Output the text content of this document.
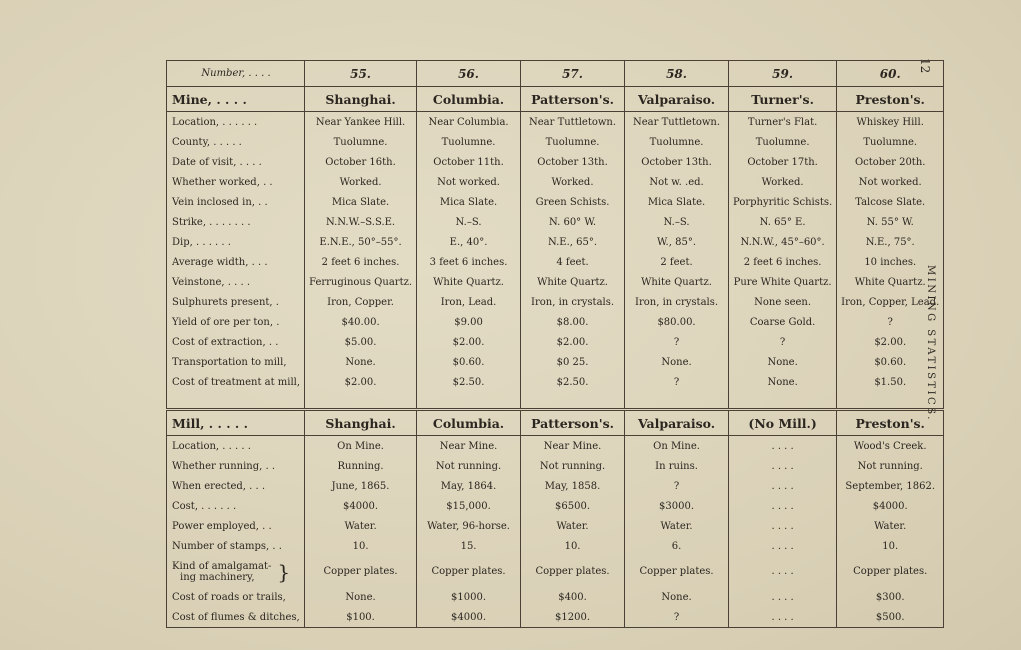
12
MINING STATISTICS.
Number, . . . .	55.	56.	57.	58.	59.	60.
Mine, . . . .	Shanghai.	Columbia.	Patterson's.	Valparaiso.	Turner's.	Preston's.
Location, . . . . . .	Near Yankee Hill.	Near Columbia.	Near Tuttletown.	Near Tuttletown.	Turner's Flat.	Whiskey Hill.
County, . . . . .	Tuolumne.	Tuolumne.	Tuolumne.	Tuolumne.	Tuolumne.	Tuolumne.
Date of visit, . . . .	October 16th.	October 11th.	October 13th.	October 13th.	October 17th.	October 20th.
Whether worked, . .	Worked.	Not worked.	Worked.	Not w. .ed.	Worked.	Not worked.
Vein inclosed in, . .	Mica Slate.	Mica Slate.	Green Schists.	Mica Slate.	Porphyritic Schists.	Talcose Slate.
Strike, . . . . . . .	N.N.W.–S.S.E.	N.–S.	N. 60° W.	N.–S.	N. 65° E.	N. 55° W.
Dip, . . . . . .	E.N.E., 50°–55°.	E., 40°.	N.E., 65°.	W., 85°.	N.N.W., 45°–60°.	N.E., 75°.
Average width, . . .	2 feet 6 inches.	3 feet 6 inches.	4 feet.	2 feet.	2 feet 6 inches.	10 inches.
Veinstone, . . . .	Ferruginous Quartz.	White Quartz.	White Quartz.	White Quartz.	Pure White Quartz.	White Quartz.
Sulphurets present, .	Iron, Copper.	Iron, Lead.	Iron, in crystals.	Iron, in crystals.	None seen.	Iron, Copper, Lead.
Yield of ore per ton, .	$40.00.	$9.00	$8.00.	$80.00.	Coarse Gold.	?
Cost of extraction, . .	$5.00.	$2.00.	$2.00.	?	?	$2.00.
Transportation to mill,	None.	$0.60.	$0 25.	None.	None.	$0.60.
Cost of treatment at mill,	$2.00.	$2.50.	$2.50.	?	None.	$1.50.

Mill, . . . . .	Shanghai.	Columbia.	Patterson's.	Valparaiso.	(No Mill.)	Preston's.
Location, . . . . .	On Mine.	Near Mine.	Near Mine.	On Mine.	. . . .	Wood's Creek.
Whether running, . .	Running.	Not running.	Not running.	In ruins.	. . . .	Not running.
When erected, . . .	June, 1865.	May, 1864.	May, 1858.	?	. . . .	September, 1862.
Cost, . . . . . .	$4000.	$15,000.	$6500.	$3000.	. . . .	$4000.
Power employed, . .	Water.	Water, 96-horse.	Water.	Water.	. . . .	Water.
Number of stamps, . .	10.	15.	10.	6.	. . . .	10.
Kind of amalgamat-
ing machinery, }	Copper plates.	Copper plates.	Copper plates.	Copper plates.	. . . .	Copper plates.
Cost of roads or trails,	None.	$1000.	$400.	None.	. . . .	$300.
Cost of flumes & ditches,	$100.	$4000.	$1200.	?	. . . .	$500.
